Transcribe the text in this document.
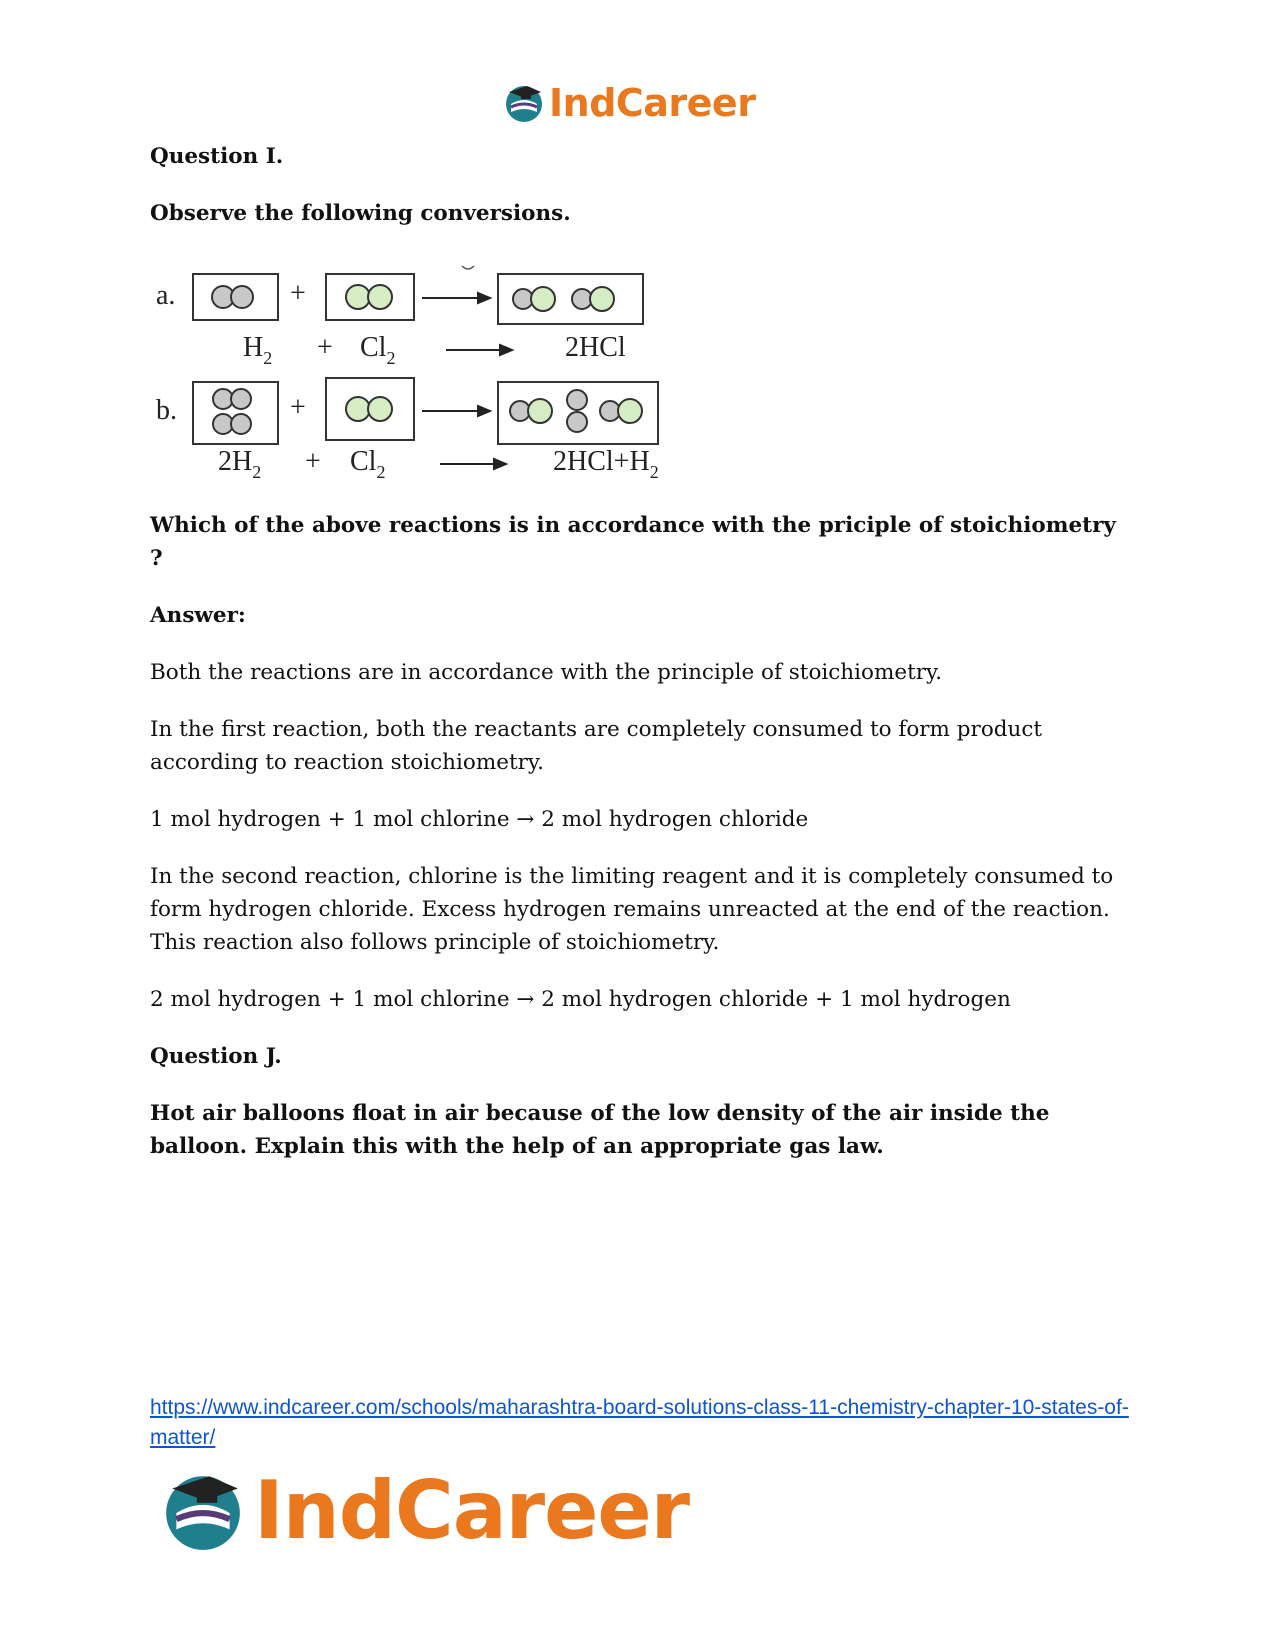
IndCareer

Question I.

Observe the following conversions.

a.	+
$H_2 + Cl_2$	2HCl
b.	+
$2H_2 + Cl_2$	$2HCl+H_2$

Which of the above reactions is in accordance with the priciple of stoichiometry ?

Answer:

Both the reactions are in accordance with the principle of stoichiometry.

In the first reaction, both the reactants are completely consumed to form product according to reaction stoichiometry.

1 mol hydrogen + 1 mol chlorine → 2 mol hydrogen chloride

In the second reaction, chlorine is the limiting reagent and it is completely consumed to form hydrogen chloride. Excess hydrogen remains unreacted at the end of the reaction. This reaction also follows principle of stoichiometry.

2 mol hydrogen + 1 mol chlorine → 2 mol hydrogen chloride + 1 mol hydrogen

Question J.

Hot air balloons float in air because of the low density of the air inside the balloon. Explain this with the help of an appropriate gas law.

https://www.indcareer.com/schools/maharashtra-board-solutions-class-11-chemistry-chapter-10-states-of-matter/
IndCareer
